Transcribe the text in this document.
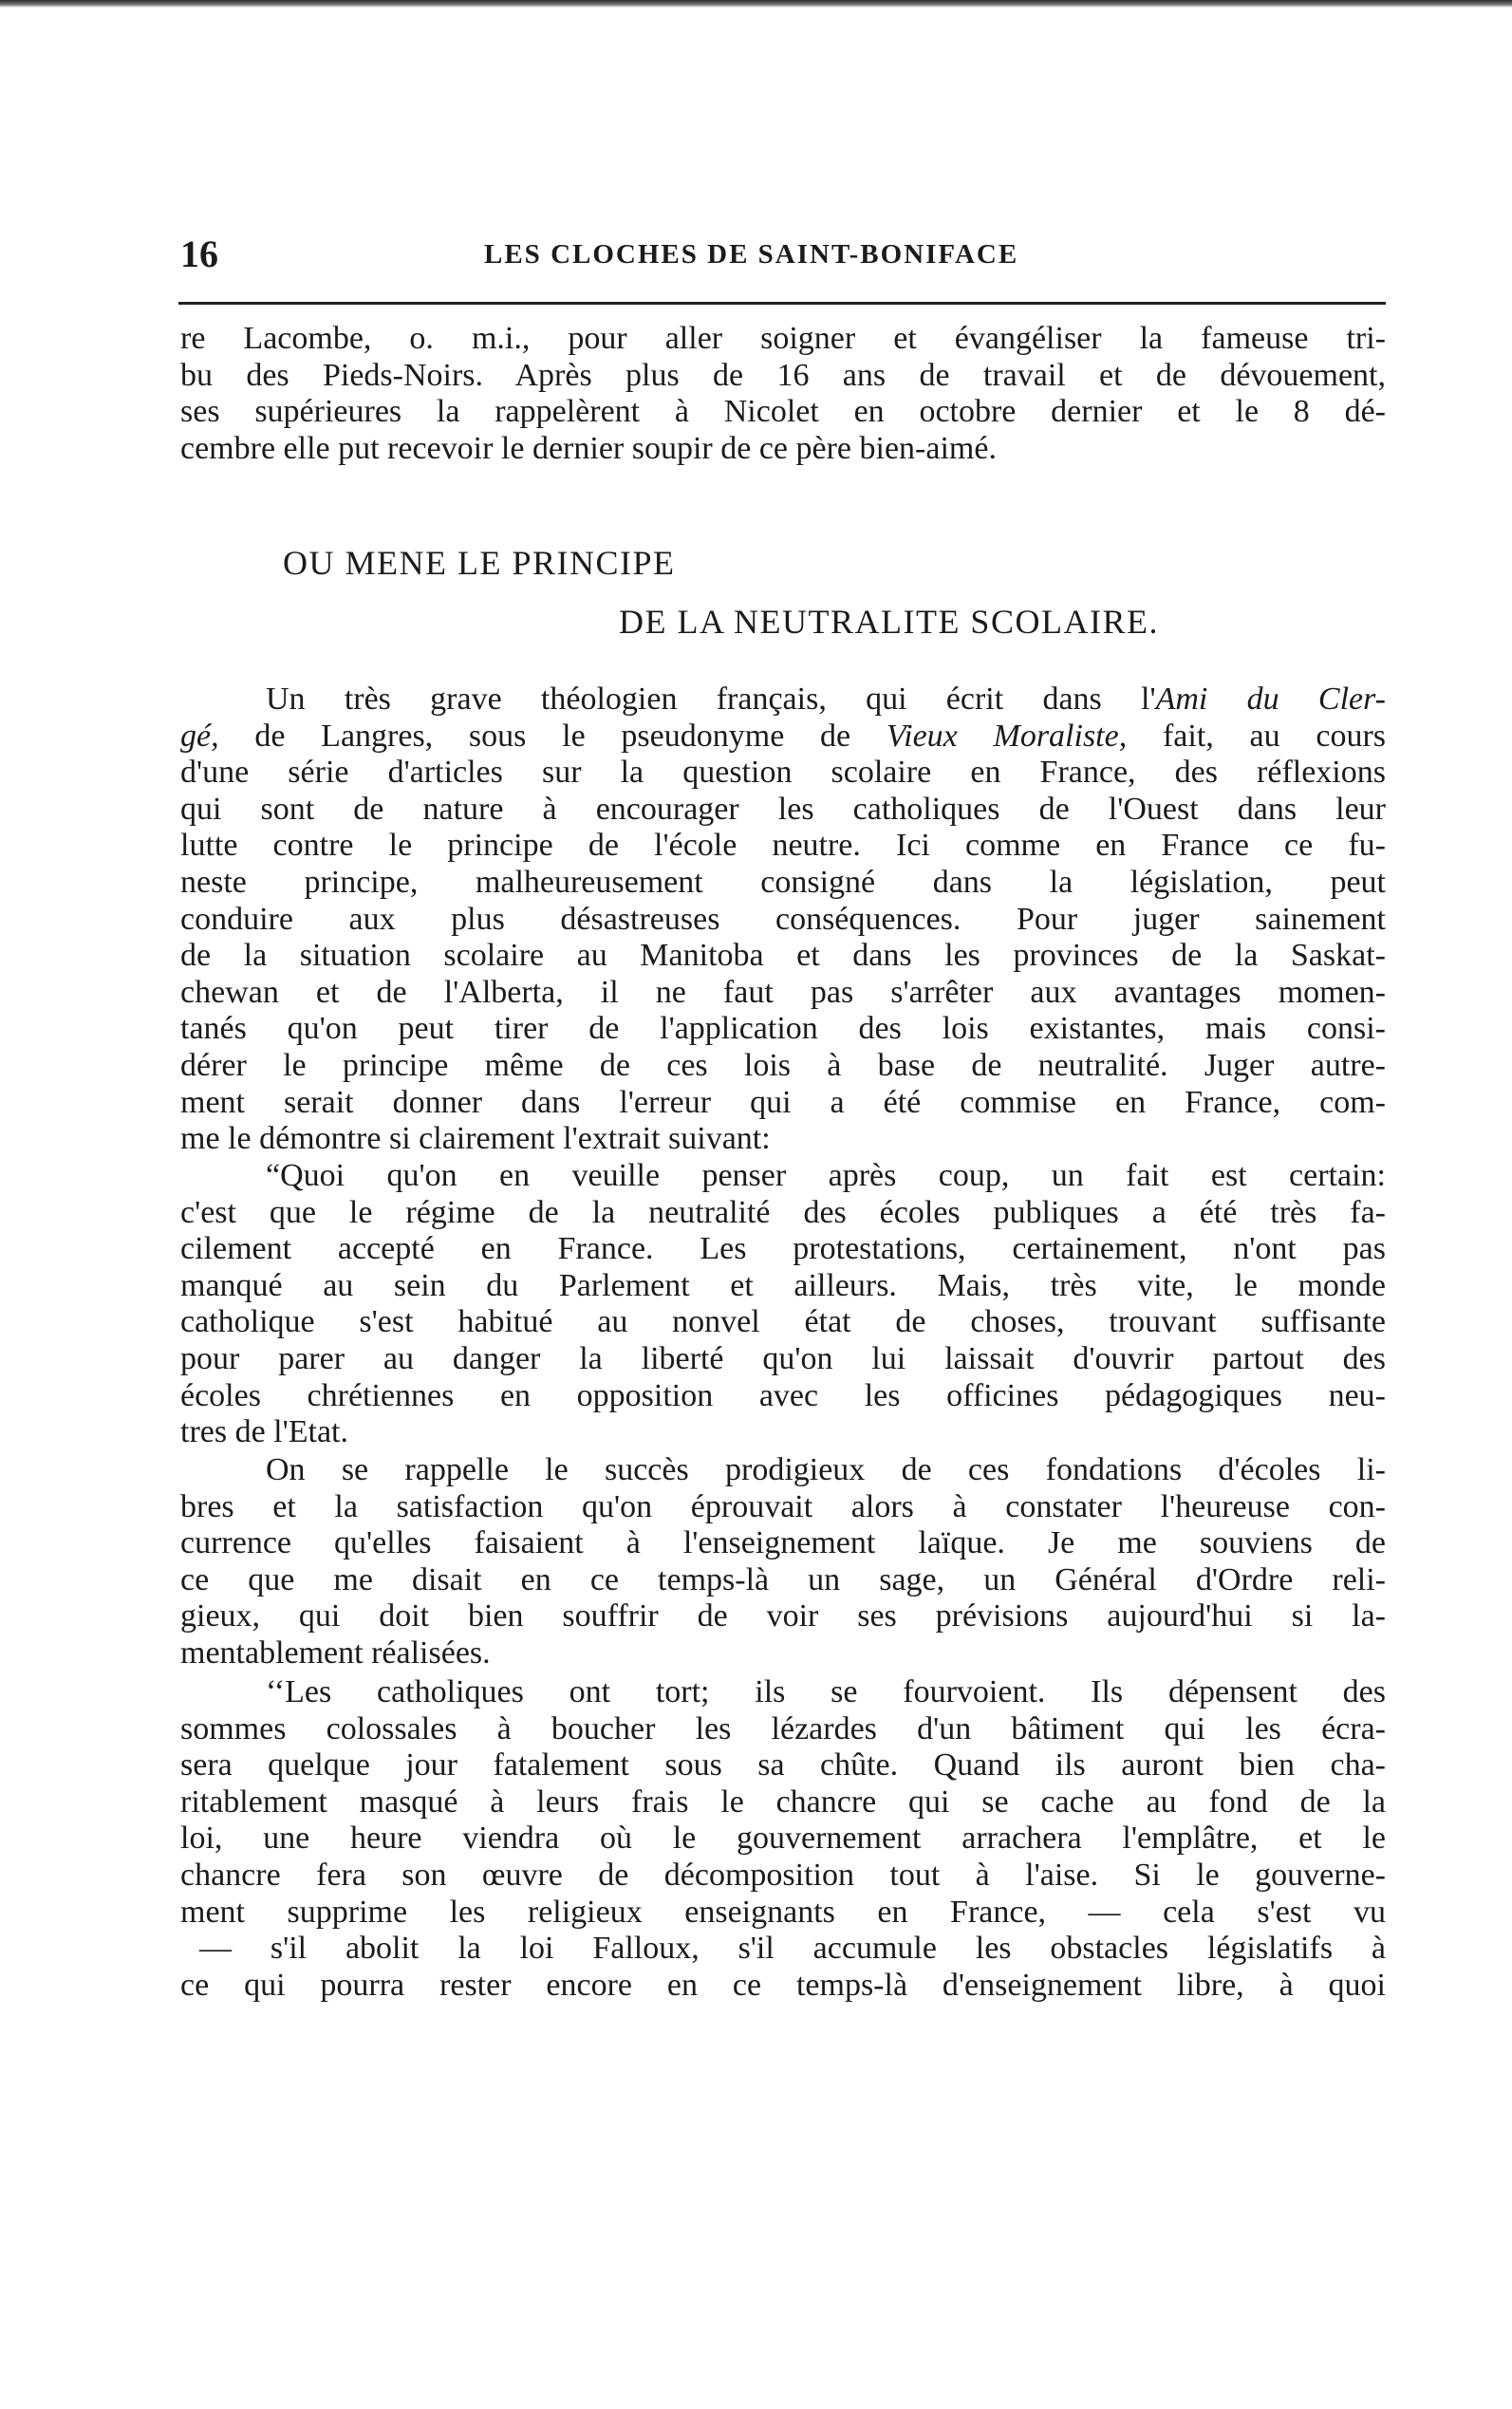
16	LES CLOCHES DE SAINT-BONIFACE
re Lacombe, o. m.i., pour aller soigner et évangéliser la fameuse tri-
bu des Pieds-Noirs. Après plus de 16 ans de travail et de dévouement,
ses supérieures la rappelèrent à Nicolet en octobre dernier et le 8 dé-
cembre elle put recevoir le dernier soupir de ce père bien-aimé.
OU MENE LE PRINCIPE
DE LA NEUTRALITE SCOLAIRE.
Un très grave théologien français, qui écrit dans l'Ami du Cler-
gé, de Langres, sous le pseudonyme de Vieux Moraliste, fait, au cours
d'une série d'articles sur la question scolaire en France, des réflexions
qui sont de nature à encourager les catholiques de l'Ouest dans leur
lutte contre le principe de l'école neutre. Ici comme en France ce fu-
neste principe, malheureusement consigné dans la législation, peut
conduire aux plus désastreuses conséquences. Pour juger sainement
de la situation scolaire au Manitoba et dans les provinces de la Saskat-
chewan et de l'Alberta, il ne faut pas s'arrêter aux avantages momen-
tanés qu'on peut tirer de l'application des lois existantes, mais consi-
dérer le principe même de ces lois à base de neutralité. Juger autre-
ment serait donner dans l'erreur qui a été commise en France, com-
me le démontre si clairement l'extrait suivant:
“Quoi qu'on en veuille penser après coup, un fait est certain:
c'est que le régime de la neutralité des écoles publiques a été très fa-
cilement accepté en France. Les protestations, certainement, n'ont pas
manqué au sein du Parlement et ailleurs. Mais, très vite, le monde
catholique s'est habitué au nonvel état de choses, trouvant suffisante
pour parer au danger la liberté qu'on lui laissait d'ouvrir partout des
écoles chrétiennes en opposition avec les officines pédagogiques neu-
tres de l'Etat.
On se rappelle le succès prodigieux de ces fondations d'écoles li-
bres et la satisfaction qu'on éprouvait alors à constater l'heureuse con-
currence qu'elles faisaient à l'enseignement laïque. Je me souviens de
ce que me disait en ce temps-là un sage, un Général d'Ordre reli-
gieux, qui doit bien souffrir de voir ses prévisions aujourd'hui si la-
mentablement réalisées.
‘‘Les catholiques ont tort; ils se fourvoient. Ils dépensent des
sommes colossales à boucher les lézardes d'un bâtiment qui les écra-
sera quelque jour fatalement sous sa chûte. Quand ils auront bien cha-
ritablement masqué à leurs frais le chancre qui se cache au fond de la
loi, une heure viendra où le gouvernement arrachera l'emplâtre, et le
chancre fera son œuvre de décomposition tout à l'aise. Si le gouverne-
ment supprime les religieux enseignants en France, — cela s'est vu
— s'il abolit la loi Falloux, s'il accumule les obstacles législatifs à
ce qui pourra rester encore en ce temps-là d'enseignement libre, à quoi
